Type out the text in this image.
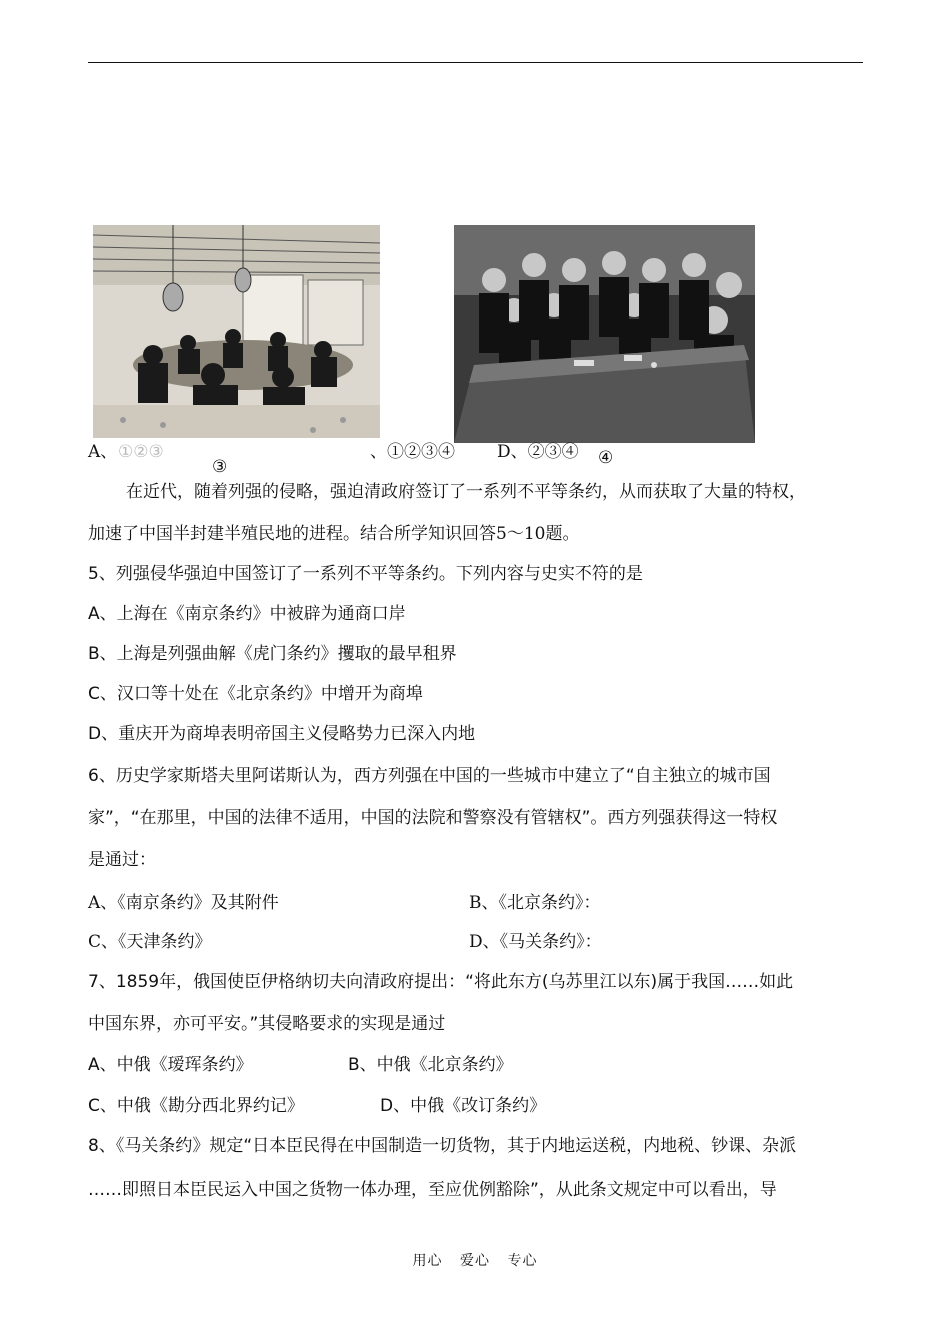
A、 ①②③	、①②③④ D、②③④
③	④
在近代，随着列强的侵略，强迫清政府签订了一系列不平等条约，从而获取了大量的特权，
加速了中国半封建半殖民地的进程。结合所学知识回答5～10题。
5、列强侵华强迫中国签订了一系列不平等条约。下列内容与史实不符的是
A、上海在《南京条约》中被辟为通商口岸
B、上海是列强曲解《虎门条约》攫取的最早租界
C、汉口等十处在《北京条约》中增开为商埠
D、重庆开为商埠表明帝国主义侵略势力已深入内地
6、历史学家斯塔夫里阿诺斯认为，西方列强在中国的一些城市中建立了“自主独立的城市国
家”，“在那里，中国的法律不适用，中国的法院和警察没有管辖权”。西方列强获得这一特权
是通过：
A、《南京条约》及其附件	B、《北京条约》：
C、《天津条约》	D、《马关条约》：
7、1859年，俄国使臣伊格纳切夫向清政府提出：“将此东方(乌苏里江以东)属于我国……如此
中国东界，亦可平安。”其侵略要求的实现是通过
A、中俄《瑷珲条约》	B、中俄《北京条约》
C、中俄《勘分西北界约记》	D、中俄《改订条约》
8、《马关条约》规定“日本臣民得在中国制造一切货物，其于内地运送税，内地税、钞课、杂派
……即照日本臣民运入中国之货物一体办理，至应优例豁除”，从此条文规定中可以看出，导
用心 爱心 专心
